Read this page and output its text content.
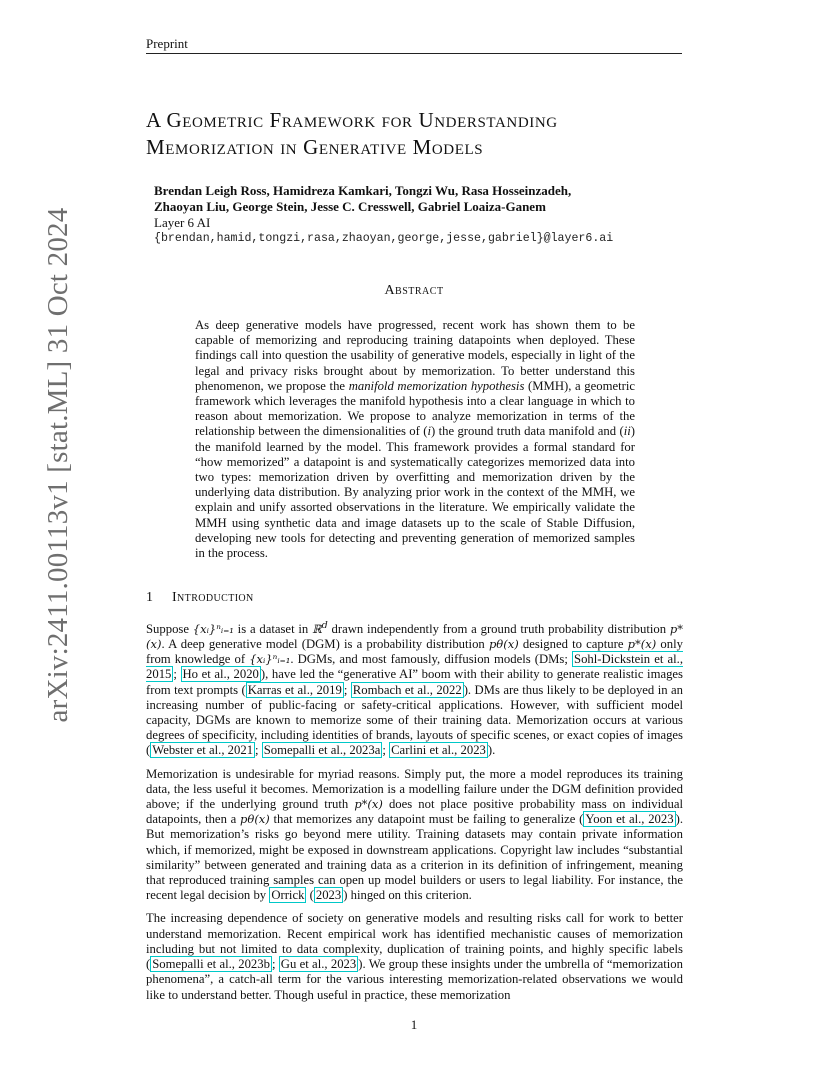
Preprint
arXiv:2411.00113v1 [stat.ML] 31 Oct 2024
A Geometric Framework for Understanding
Memorization in Generative Models
Brendan Leigh Ross, Hamidreza Kamkari, Tongzi Wu, Rasa Hosseinzadeh,
Zhaoyan Liu, George Stein, Jesse C. Cresswell, Gabriel Loaiza-Ganem
Layer 6 AI
{brendan,hamid,tongzi,rasa,zhaoyan,george,jesse,gabriel}@layer6.ai
Abstract
As deep generative models have progressed, recent work has shown them to be capable of memorizing and reproducing training datapoints when deployed. These findings call into question the usability of generative models, especially in light of the legal and privacy risks brought about by memorization. To better understand this phenomenon, we propose the manifold memorization hypothesis (MMH), a geometric framework which leverages the manifold hypothesis into a clear language in which to reason about memorization. We propose to analyze memorization in terms of the relationship between the dimensionalities of (i) the ground truth data manifold and (ii) the manifold learned by the model. This framework provides a formal standard for “how memorized” a datapoint is and systematically categorizes memorized data into two types: memorization driven by overfitting and memorization driven by the underlying data distribution. By analyzing prior work in the context of the MMH, we explain and unify assorted observations in the literature. We empirically validate the MMH using synthetic data and image datasets up to the scale of Stable Diffusion, developing new tools for detecting and preventing generation of memorized samples in the process.
1 Introduction

Suppose {xᵢ}ⁿᵢ₌₁ is a dataset in ℝ$^d$ drawn independently from a ground truth probability distribution p*(x). A deep generative model (DGM) is a probability distribution pθ(x) designed to capture p*(x) only from knowledge of {xᵢ}ⁿᵢ₌₁. DGMs, and most famously, diffusion models (DMs; Sohl-Dickstein et al., 2015 ; Ho et al., 2020 ), have led the “generative AI” boom with their ability to generate realistic images from text prompts ( Karras et al., 2019 ; Rombach et al., 2022 ). DMs are thus likely to be deployed in an increasing number of public-facing or safety-critical applications. However, with sufficient model capacity, DGMs are known to memorize some of their training data. Memorization occurs at various degrees of specificity, including identities of brands, layouts of specific scenes, or exact copies of images ( Webster et al., 2021 ; Somepalli et al., 2023a ; Carlini et al., 2023 ).

Memorization is undesirable for myriad reasons. Simply put, the more a model reproduces its training data, the less useful it becomes. Memorization is a modelling failure under the DGM definition provided above; if the underlying ground truth p*(x) does not place positive probability mass on individual datapoints, then a pθ(x) that memorizes any datapoint must be failing to generalize ( Yoon et al., 2023 ). But memorization’s risks go beyond mere utility. Training datasets may contain private information which, if memorized, might be exposed in downstream applications. Copyright law includes “substantial similarity” between generated and training data as a criterion in its definition of infringement, meaning that reproduced training samples can open up model builders or users to legal liability. For instance, the recent legal decision by Orrick ( 2023 ) hinged on this criterion.

The increasing dependence of society on generative models and resulting risks call for work to better understand memorization. Recent empirical work has identified mechanistic causes of memorization including but not limited to data complexity, duplication of training points, and highly specific labels ( Somepalli et al., 2023b ; Gu et al., 2023 ). We group these insights under the umbrella of “memorization phenomena”, a catch-all term for the various interesting memorization-related observations we would like to understand better. Though useful in practice, these memorization

1
